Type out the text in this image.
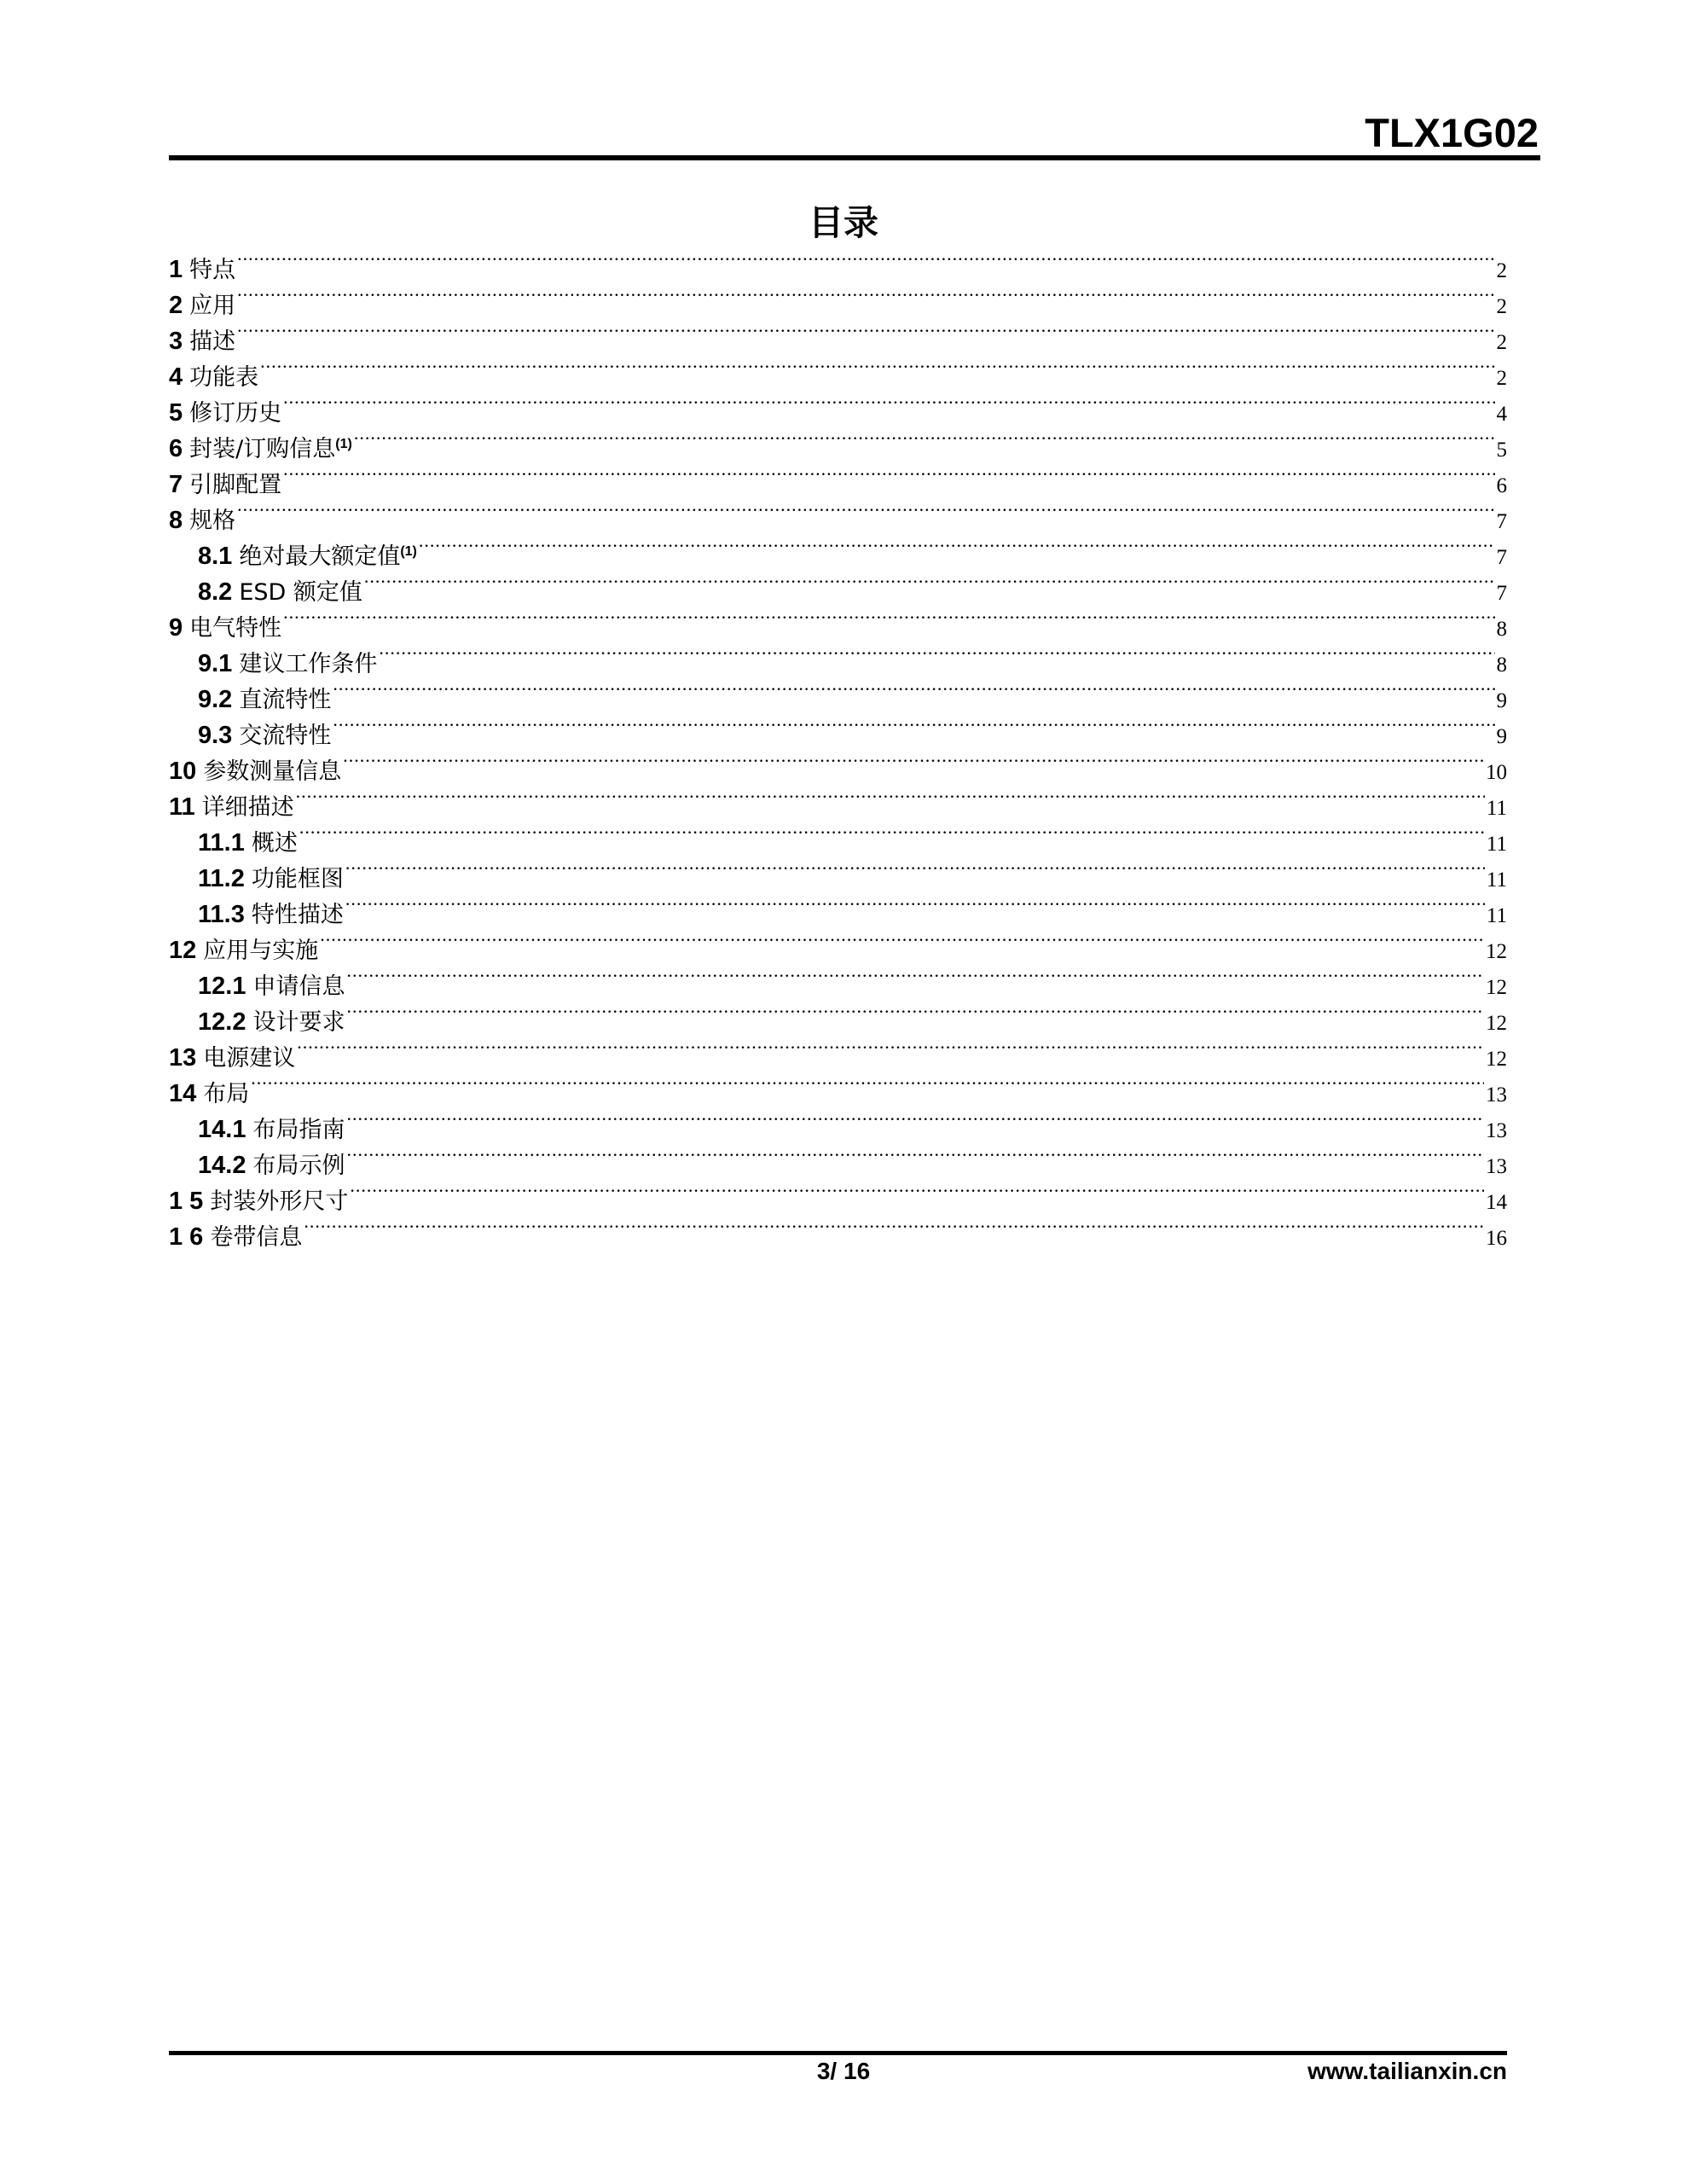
TLX1G02
目录
1 特点 .....	2
2 应用 .....	2
3 描述 .....	2
4 功能表 .....	2
5 修订历史 .....	4
6 封装/订购信息$^{(1)}$ .....	5
7 引脚配置 .....	6
8 规格 .....	7
8.1 绝对最大额定值$^{(1)}$ .....	7
8.2 ESD 额定值 .....	7
9 电气特性 .....	8
9.1 建议工作条件 .....	8
9.2 直流特性 .....	9
9.3 交流特性 .....	9
10 参数测量信息 .....	10
11 详细描述 .....	11
11.1 概述 .....	11
11.2 功能框图 .....	11
11.3 特性描述 .....	11
12 应用与实施 .....	12
12.1 申请信息 .....	12
12.2 设计要求 .....	12
13 电源建议 .....	12
14 布局 .....	13
14.1 布局指南 .....	13
14.2 布局示例 .....	13
1 5 封装外形尺寸 .....	14
1 6 卷带信息 .....	16
3/ 16	www.tailianxin.cn
